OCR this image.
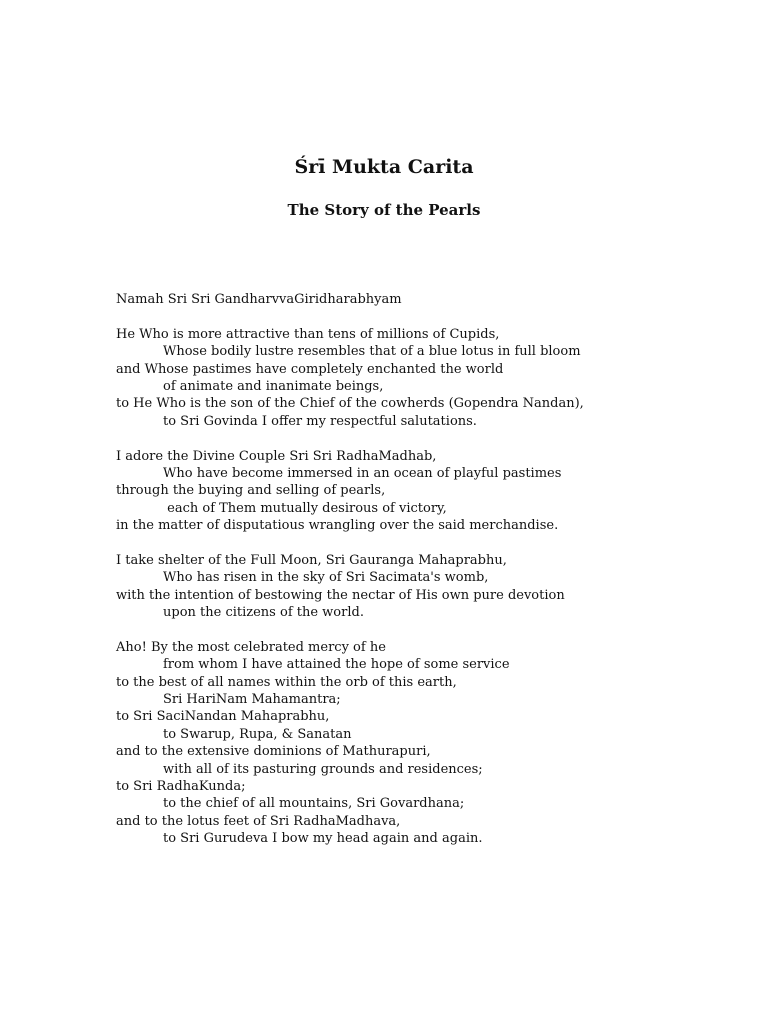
Śrī Mukta Carita
The Story of the Pearls
Namah Sri Sri GandharvvaGiridharabhyam
He Who is more attractive than tens of millions of Cupids,
Whose bodily lustre resembles that of a blue lotus in full bloom
and Whose pastimes have completely enchanted the world
of animate and inanimate beings,
to He Who is the son of the Chief of the cowherds (Gopendra Nandan),
to Sri Govinda I offer my respectful salutations.
I adore the Divine Couple Sri Sri RadhaMadhab,
Who have become immersed in an ocean of playful pastimes
through the buying and selling of pearls,
each of Them mutually desirous of victory,
in the matter of disputatious wrangling over the said merchandise.
I take shelter of the Full Moon, Sri Gauranga Mahaprabhu,
Who has risen in the sky of Sri Sacimata's womb,
with the intention of bestowing the nectar of His own pure devotion
upon the citizens of the world.
Aho! By the most celebrated mercy of he
from whom I have attained the hope of some service
to the best of all names within the orb of this earth,
Sri HariNam Mahamantra;
to Sri SaciNandan Mahaprabhu,
to Swarup, Rupa, & Sanatan
and to the extensive dominions of Mathurapuri,
with all of its pasturing grounds and residences;
to Sri RadhaKunda;
to the chief of all mountains, Sri Govardhana;
and to the lotus feet of Sri RadhaMadhava,
to Sri Gurudeva I bow my head again and again.
